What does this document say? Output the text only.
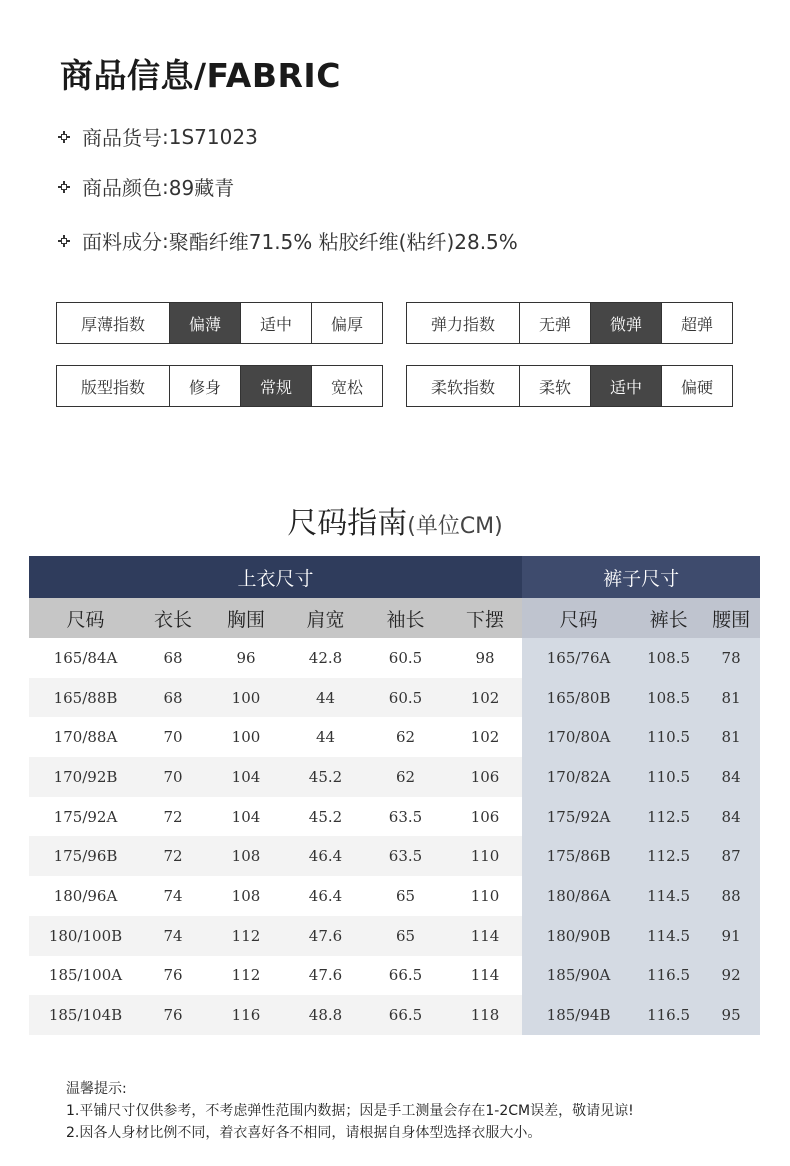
商品信息/FABRIC
商品货号 : 1S71023
商品颜色 : 89藏青
面料成分 : 聚酯纤维71.5% 粘胶纤维(粘纤)28.5%
厚薄指数	偏薄	适中	偏厚	弹力指数	无弹	微弹	超弹
版型指数	修身	常规	宽松	柔软指数	柔软	适中	偏硬
尺码指南(单位CM)
上衣尺寸						裤子尺寸		
尺码	衣长	胸围	肩宽	袖长	下摆	尺码	裤长	腰围
165/84A	68	96	42.8	60.5	98	165/76A	108.5	78
165/88B	68	100	44	60.5	102	165/80B	108.5	81
170/88A	70	100	44	62	102	170/80A	110.5	81
170/92B	70	104	45.2	62	106	170/82A	110.5	84
175/92A	72	104	45.2	63.5	106	175/92A	112.5	84
175/96B	72	108	46.4	63.5	110	175/86B	112.5	87
180/96A	74	108	46.4	65	110	180/86A	114.5	88
180/100B	74	112	47.6	65	114	180/90B	114.5	91
185/100A	76	112	47.6	66.5	114	185/90A	116.5	92
185/104B	76	116	48.8	66.5	118	185/94B	116.5	95
温馨提示:
1.平铺尺寸仅供参考，不考虑弹性范围内数据；因是手工测量会存在1-2CM误差，敬请见谅!
2.因各人身材比例不同，着衣喜好各不相同，请根据自身体型选择衣服大小。
